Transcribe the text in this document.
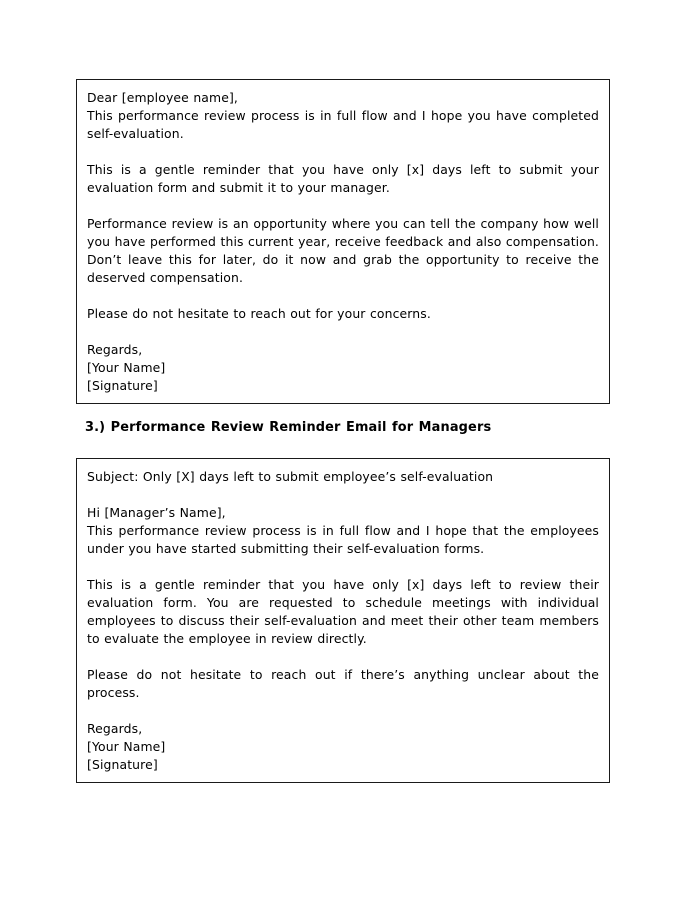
Dear [employee name],
This performance review process is in full flow and I hope you have completed self-evaluation.

This is a gentle reminder that you have only [x] days left to submit your evaluation form and submit it to your manager.

Performance review is an opportunity where you can tell the company how well you have performed this current year, receive feedback and also compensation. Don’t leave this for later, do it now and grab the opportunity to receive the deserved compensation.

Please do not hesitate to reach out for your concerns.

Regards,
[Your Name]
[Signature]

3.) Performance Review Reminder Email for Managers

Subject: Only [X] days left to submit employee’s self-evaluation

Hi [Manager’s Name],
This performance review process is in full flow and I hope that the employees under you have started submitting their self-evaluation forms.

This is a gentle reminder that you have only [x] days left to review their evaluation form. You are requested to schedule meetings with individual employees to discuss their self-evaluation and meet their other team members to evaluate the employee in review directly.

Please do not hesitate to reach out if there’s anything unclear about the process.

Regards,
[Your Name]
[Signature]
